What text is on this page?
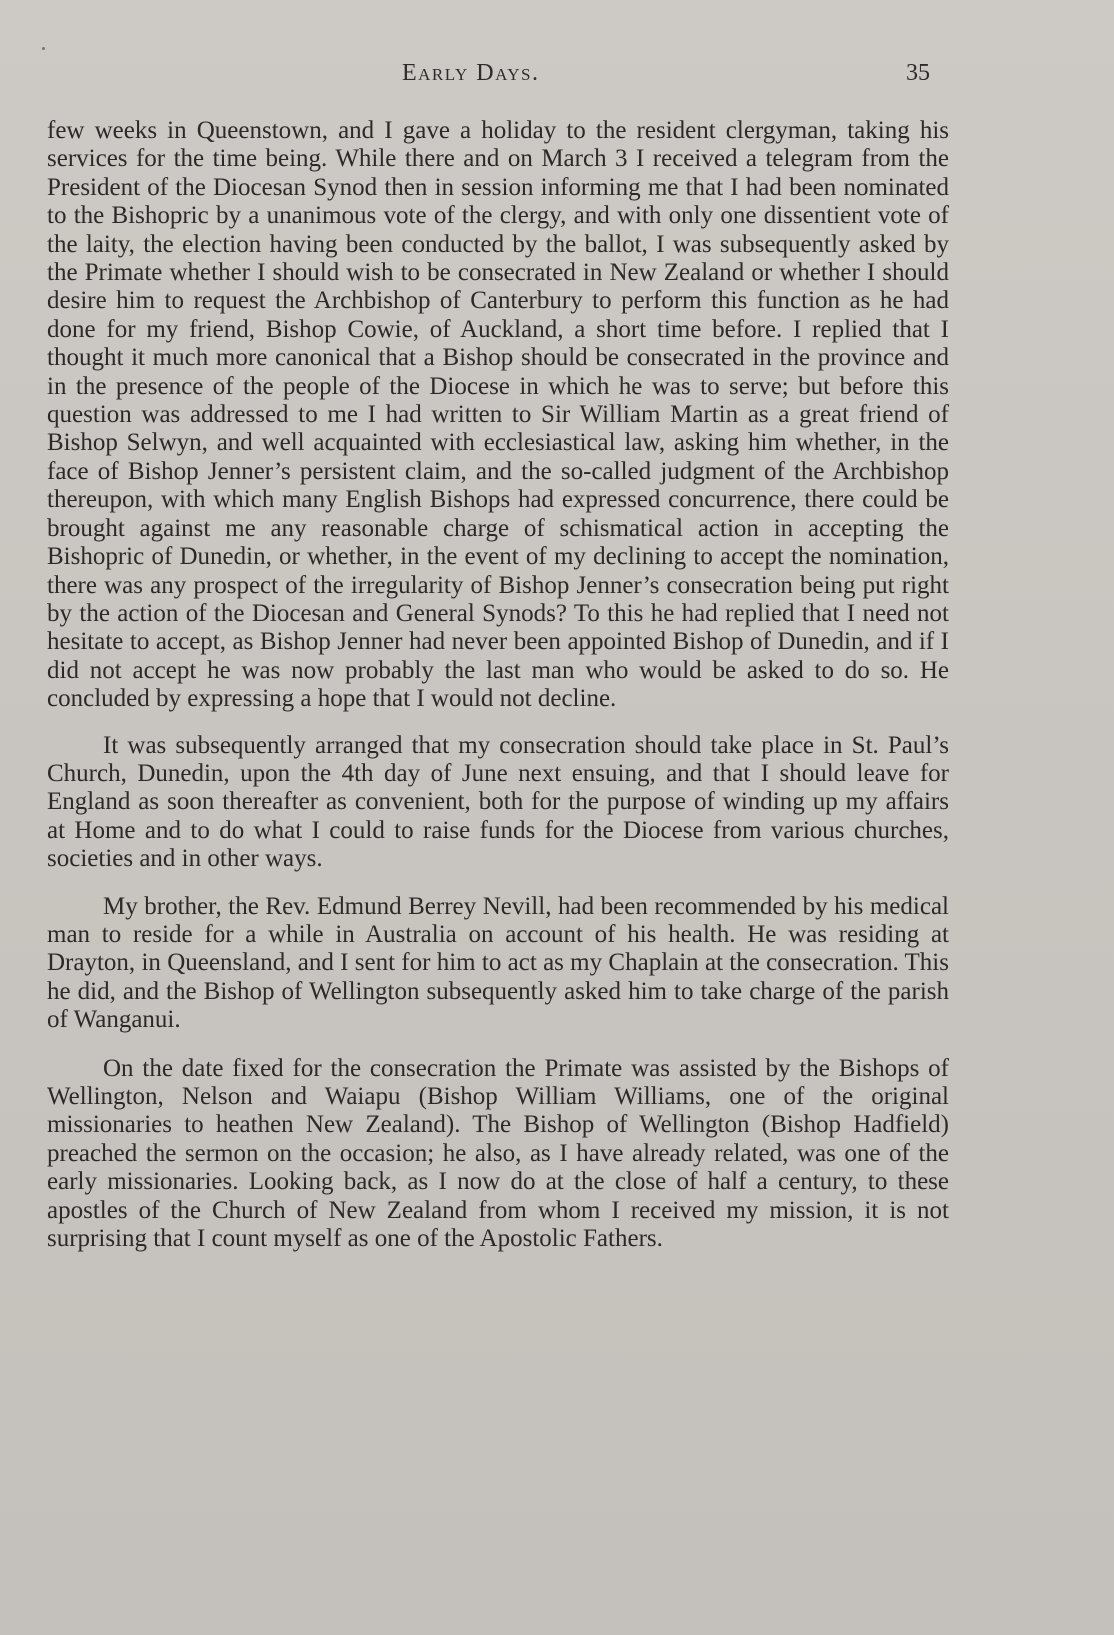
Early Days.	35

few weeks in Queenstown, and I gave a holiday to the resident clergyman, taking his services for the time being. While there and on March 3 I received a telegram from the President of the Diocesan Synod then in session informing me that I had been nominated to the Bishopric by a unanimous vote of the clergy, and with only one dissentient vote of the laity, the election having been conducted by the ballot, I was subsequently asked by the Primate whether I should wish to be consecrated in New Zealand or whether I should desire him to request the Archbishop of Canterbury to perform this function as he had done for my friend, Bishop Cowie, of Auckland, a short time before. I replied that I thought it much more canonical that a Bishop should be consecrated in the province and in the presence of the people of the Diocese in which he was to serve; but before this question was addressed to me I had written to Sir William Martin as a great friend of Bishop Selwyn, and well acquainted with ecclesiastical law, asking him whether, in the face of Bishop Jenner’s persistent claim, and the so-called judgment of the Archbishop thereupon, with which many English Bishops had expressed concurrence, there could be brought against me any reasonable charge of schismatical action in accepting the Bishopric of Dunedin, or whether, in the event of my declining to accept the nomination, there was any prospect of the irregularity of Bishop Jenner’s consecration being put right by the action of the Diocesan and General Synods? To this he had replied that I need not hesitate to accept, as Bishop Jenner had never been appointed Bishop of Dunedin, and if I did not accept he was now probably the last man who would be asked to do so. He concluded by expressing a hope that I would not decline.

It was subsequently arranged that my consecration should take place in St. Paul’s Church, Dunedin, upon the 4th day of June next ensuing, and that I should leave for England as soon thereafter as convenient, both for the purpose of winding up my affairs at Home and to do what I could to raise funds for the Diocese from various churches, societies and in other ways.

My brother, the Rev. Edmund Berrey Nevill, had been recommended by his medical man to reside for a while in Australia on account of his health. He was residing at Drayton, in Queensland, and I sent for him to act as my Chaplain at the consecration. This he did, and the Bishop of Wellington subsequently asked him to take charge of the parish of Wanganui.

On the date fixed for the consecration the Primate was assisted by the Bishops of Wellington, Nelson and Waiapu (Bishop William Williams, one of the original missionaries to heathen New Zealand). The Bishop of Wellington (Bishop Hadfield) preached the sermon on the occasion; he also, as I have already related, was one of the early missionaries. Looking back, as I now do at the close of half a century, to these apostles of the Church of New Zealand from whom I received my mission, it is not surprising that I count myself as one of the Apostolic Fathers.
